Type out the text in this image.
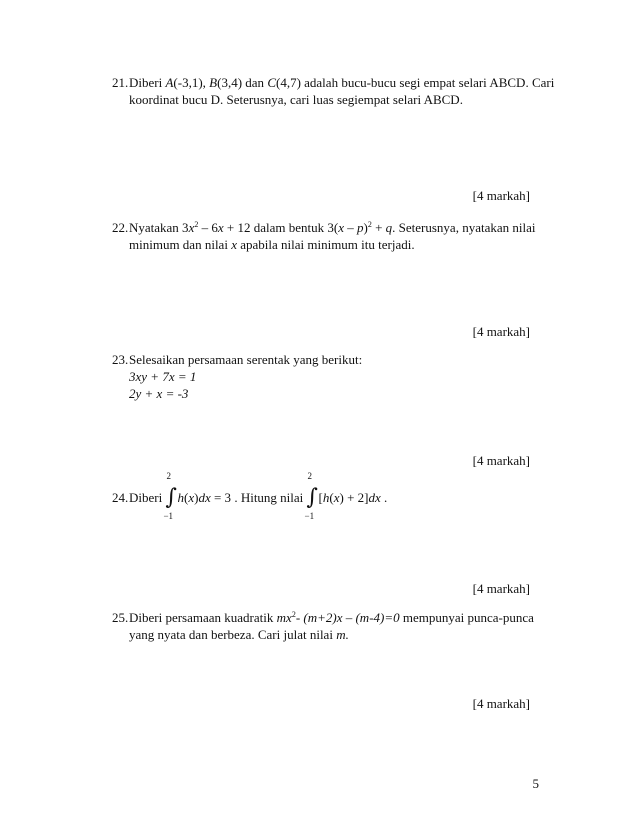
21. Diberi A(-3,1), B(3,4) dan C(4,7) adalah bucu-bucu segi empat selari ABCD. Cari
koordinat bucu D. Seterusnya, cari luas segiempat selari ABCD.
[4 markah]
22. Nyatakan $3x^2 - 6x + 12$ dalam bentuk 3(x – p)$^2$ + q. Seterusnya, nyatakan nilai
minimum dan nilai x apabila nilai minimum itu terjadi.
[4 markah]
23. Selesaikan persamaan serentak yang berikut:
3xy + 7x = 1
2y + x = -3
[4 markah]
24. Diberi
2
∫
−1
h(x)dx = 3 . Hitung nilai
2
∫
−1
[h(x) + 2]dx .
[4 markah]
25. Diberi persamaan kuadratik $mx^2-$ (m+2)x – (m-4)=0 mempunyai punca-punca
yang nyata dan berbeza. Cari julat nilai m.
[4 markah]
5
